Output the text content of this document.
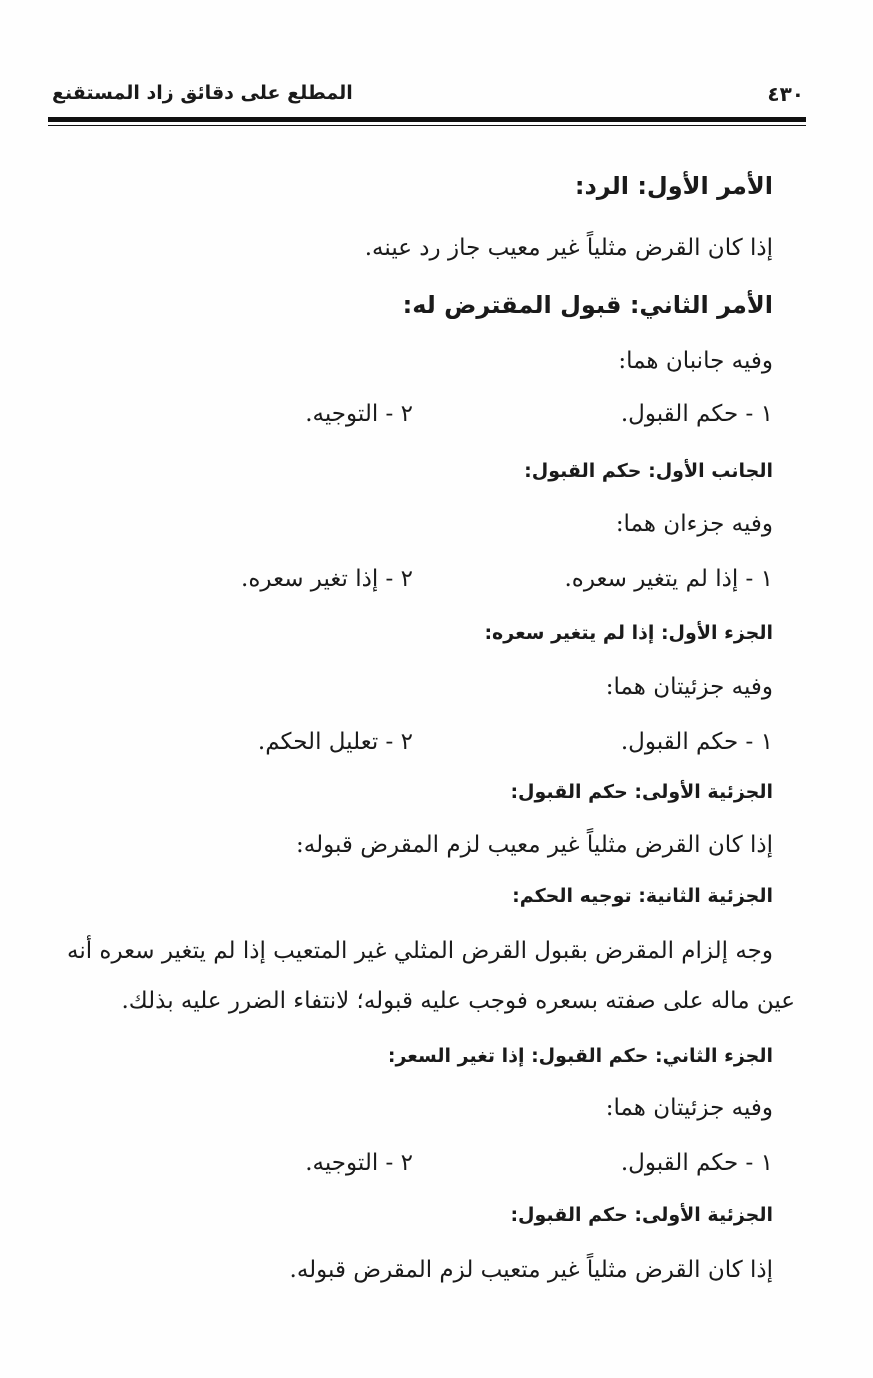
المطلع على دقائق زاد المستقنع	٤٣٠
الأمر الأول: الرد:
إذا كان القرض مثلياً غير معيب جاز رد عينه.
الأمر الثاني: قبول المقترض له:
وفيه جانبان هما:
١ - حكم القبول.
٢ - التوجيه.
الجانب الأول: حكم القبول:
وفيه جزءان هما:
١ - إذا لم يتغير سعره.
٢ - إذا تغير سعره.
الجزء الأول: إذا لم يتغير سعره:
وفيه جزئيتان هما:
١ - حكم القبول.
٢ - تعليل الحكم.
الجزئية الأولى: حكم القبول:
إذا كان القرض مثلياً غير معيب لزم المقرض قبوله:
الجزئية الثانية: توجيه الحكم:
وجه إلزام المقرض بقبول القرض المثلي غير المتعيب إذا لم يتغير سعره أنه
عين ماله على صفته بسعره فوجب عليه قبوله؛ لانتفاء الضرر عليه بذلك.
الجزء الثاني: حكم القبول: إذا تغير السعر:
وفيه جزئيتان هما:
١ - حكم القبول.
٢ - التوجيه.
الجزئية الأولى: حكم القبول:
إذا كان القرض مثلياً غير متعيب لزم المقرض قبوله.
